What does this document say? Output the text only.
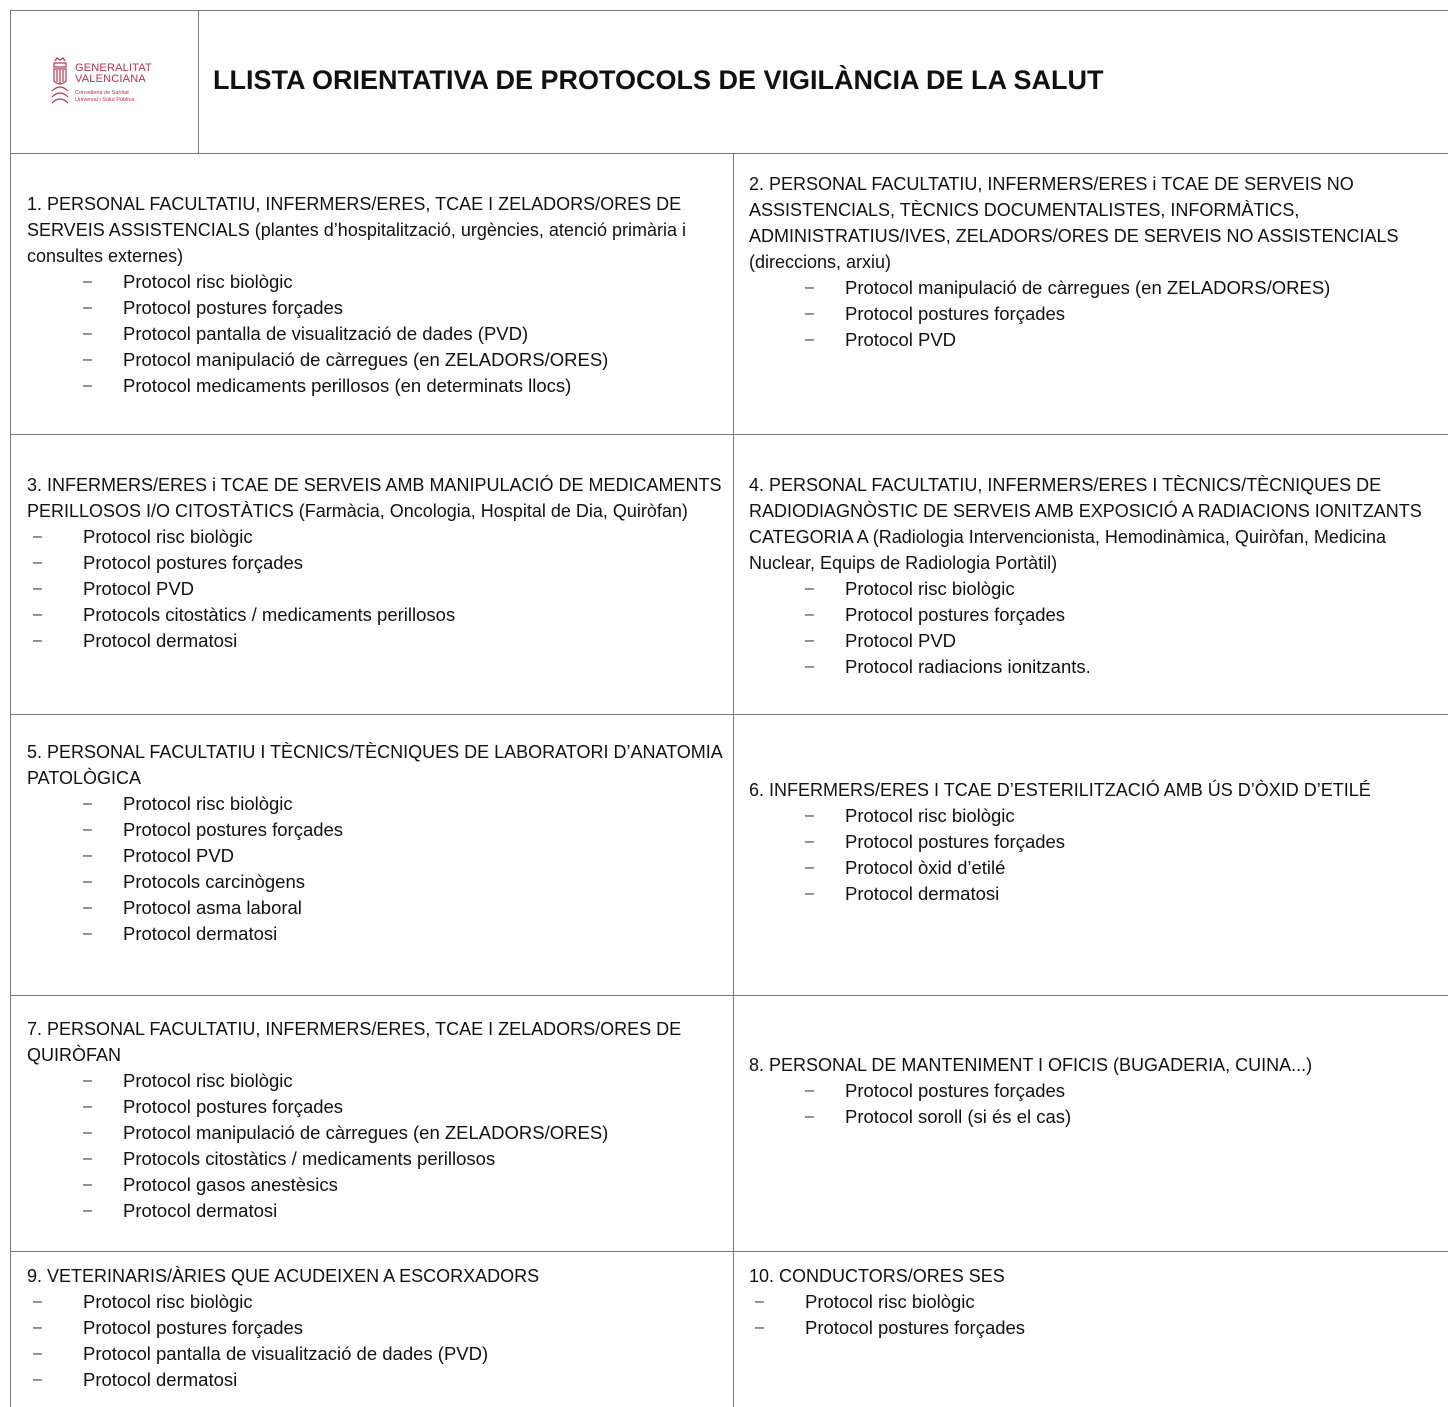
GENERALITAT
VALENCIANA
Conselleria de Sanitat
Universal i Salut Pública
LLISTA ORIENTATIVA DE PROTOCOLS DE VIGILÀNCIA DE LA SALUT

1. PERSONAL FACULTATIU, INFERMERS/ERES, TCAE I ZELADORS/ORES DE SERVEIS ASSISTENCIALS (plantes d’hospitalització, urgències, atenció primària i consultes externes)

– Protocol risc biològic
– Protocol postures forçades
– Protocol pantalla de visualització de dades (PVD)
– Protocol manipulació de càrregues (en ZELADORS/ORES)
– Protocol medicaments perillosos (en determinats llocs)

2. PERSONAL FACULTATIU, INFERMERS/ERES i TCAE DE SERVEIS NO ASSISTENCIALS, TÈCNICS DOCUMENTALISTES, INFORMÀTICS, ADMINISTRATIUS/IVES, ZELADORS/ORES DE SERVEIS NO ASSISTENCIALS (direccions, arxiu)

– Protocol manipulació de càrregues (en ZELADORS/ORES)
– Protocol postures forçades
– Protocol PVD

3. INFERMERS/ERES i TCAE DE SERVEIS AMB MANIPULACIÓ DE MEDICAMENTS PERILLOSOS I/O CITOSTÀTICS (Farmàcia, Oncologia, Hospital de Dia, Quiròfan)

– Protocol risc biològic
– Protocol postures forçades
– Protocol PVD
– Protocols citostàtics / medicaments perillosos
– Protocol dermatosi

4. PERSONAL FACULTATIU, INFERMERS/ERES I TÈCNICS/TÈCNIQUES DE RADIODIAGNÒSTIC DE SERVEIS AMB EXPOSICIÓ A RADIACIONS IONITZANTS CATEGORIA A (Radiologia Intervencionista, Hemodinàmica, Quiròfan, Medicina Nuclear, Equips de Radiologia Portàtil)

– Protocol risc biològic
– Protocol postures forçades
– Protocol PVD
– Protocol radiacions ionitzants.

5. PERSONAL FACULTATIU I TÈCNICS/TÈCNIQUES DE LABORATORI D’ANATOMIA PATOLÒGICA

– Protocol risc biològic
– Protocol postures forçades
– Protocol PVD
– Protocols carcinògens
– Protocol asma laboral
– Protocol dermatosi

6. INFERMERS/ERES I TCAE D’ESTERILITZACIÓ AMB ÚS D’ÒXID D’ETILÉ

– Protocol risc biològic
– Protocol postures forçades
– Protocol òxid d’etilé
– Protocol dermatosi

7. PERSONAL FACULTATIU, INFERMERS/ERES, TCAE I ZELADORS/ORES DE QUIRÒFAN

– Protocol risc biològic
– Protocol postures forçades
– Protocol manipulació de càrregues (en ZELADORS/ORES)
– Protocols citostàtics / medicaments perillosos
– Protocol gasos anestèsics
– Protocol dermatosi

8. PERSONAL DE MANTENIMENT I OFICIS (BUGADERIA, CUINA...)

– Protocol postures forçades
– Protocol soroll (si és el cas)

9. VETERINARIS/ÀRIES QUE ACUDEIXEN A ESCORXADORS

– Protocol risc biològic
– Protocol postures forçades
– Protocol pantalla de visualització de dades (PVD)
– Protocol dermatosi

10. CONDUCTORS/ORES SES

– Protocol risc biològic
– Protocol postures forçades
